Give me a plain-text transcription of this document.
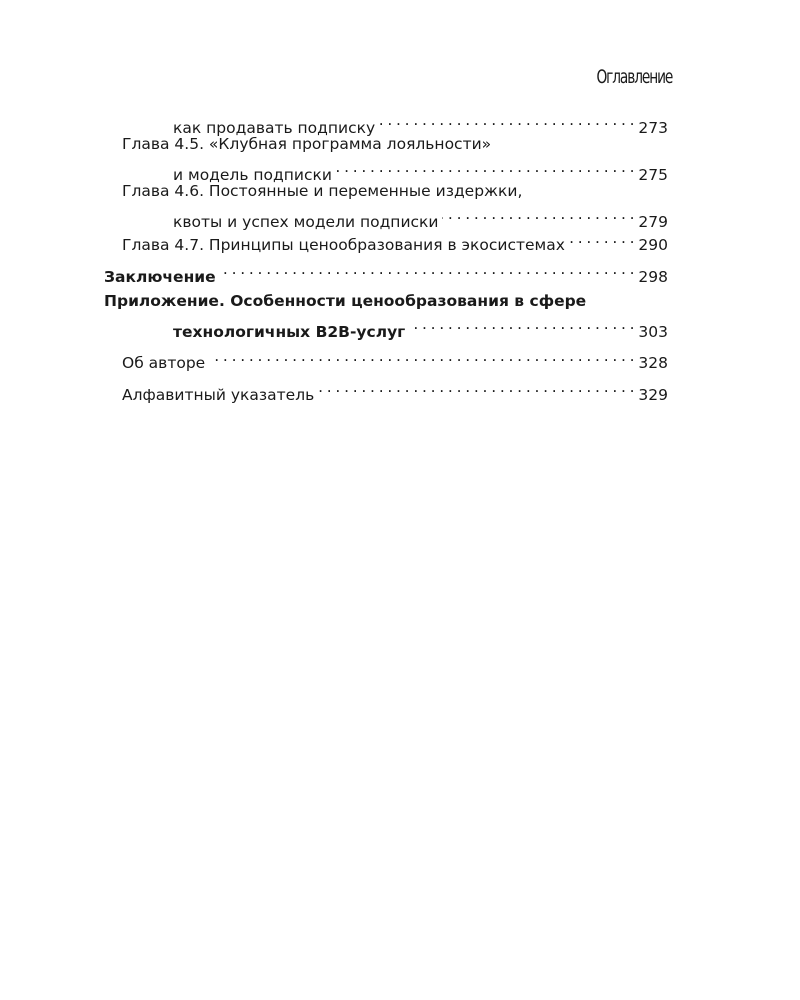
Оглавление
как продавать подписку . . .	273
Глава 4.5. «Клубная программа лояльности»
и модель подписки . . .	275
Глава 4.6. Постоянные и переменные издержки,
квоты и успех модели подписки . . .	279
Глава 4.7. Принципы ценообразования в экосистемах . . .	290
Заключение . . .	298
Приложение. Особенности ценообразования в сфере
технологичных B2B-услуг . . .	303
Об авторе . . .	328
Алфавитный указатель . . .	329
